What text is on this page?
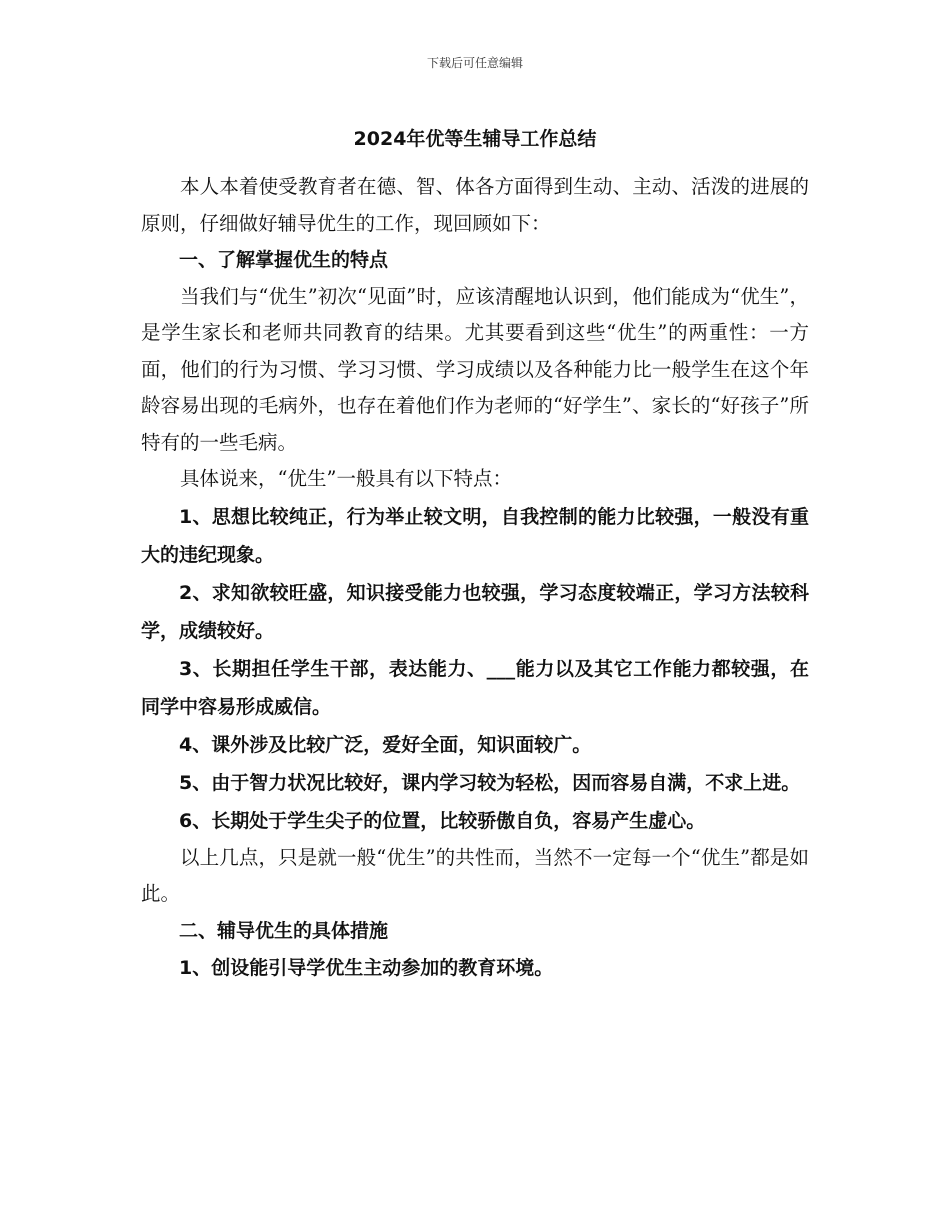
下载后可任意编辑
2024年优等生辅导工作总结

本人本着使受教育者在德、智、体各方面得到生动、主动、活泼的进展的原则，仔细做好辅导优生的工作，现回顾如下：

一、了解掌握优生的特点

当我们与“优生”初次“见面”时，应该清醒地认识到，他们能成为“优生”，是学生家长和老师共同教育的结果。尤其要看到这些“优生”的两重性：一方面，他们的行为习惯、学习习惯、学习成绩以及各种能力比一般学生在这个年龄容易出现的毛病外，也存在着他们作为老师的“好学生”、家长的“好孩子”所特有的一些毛病。

具体说来，“优生”一般具有以下特点：

1、思想比较纯正，行为举止较文明，自我控制的能力比较强，一般没有重大的违纪现象。

2、求知欲较旺盛，知识接受能力也较强，学习态度较端正，学习方法较科学，成绩较好。

3、长期担任学生干部，表达能力、___能力以及其它工作能力都较强，在同学中容易形成威信。

4、课外涉及比较广泛，爱好全面，知识面较广。

5、由于智力状况比较好，课内学习较为轻松，因而容易自满，不求上进。

6、长期处于学生尖子的位置，比较骄傲自负，容易产生虚心。

以上几点，只是就一般“优生”的共性而，当然不一定每一个“优生”都是如此。

二、辅导优生的具体措施

1、创设能引导学优生主动参加的教育环境。
